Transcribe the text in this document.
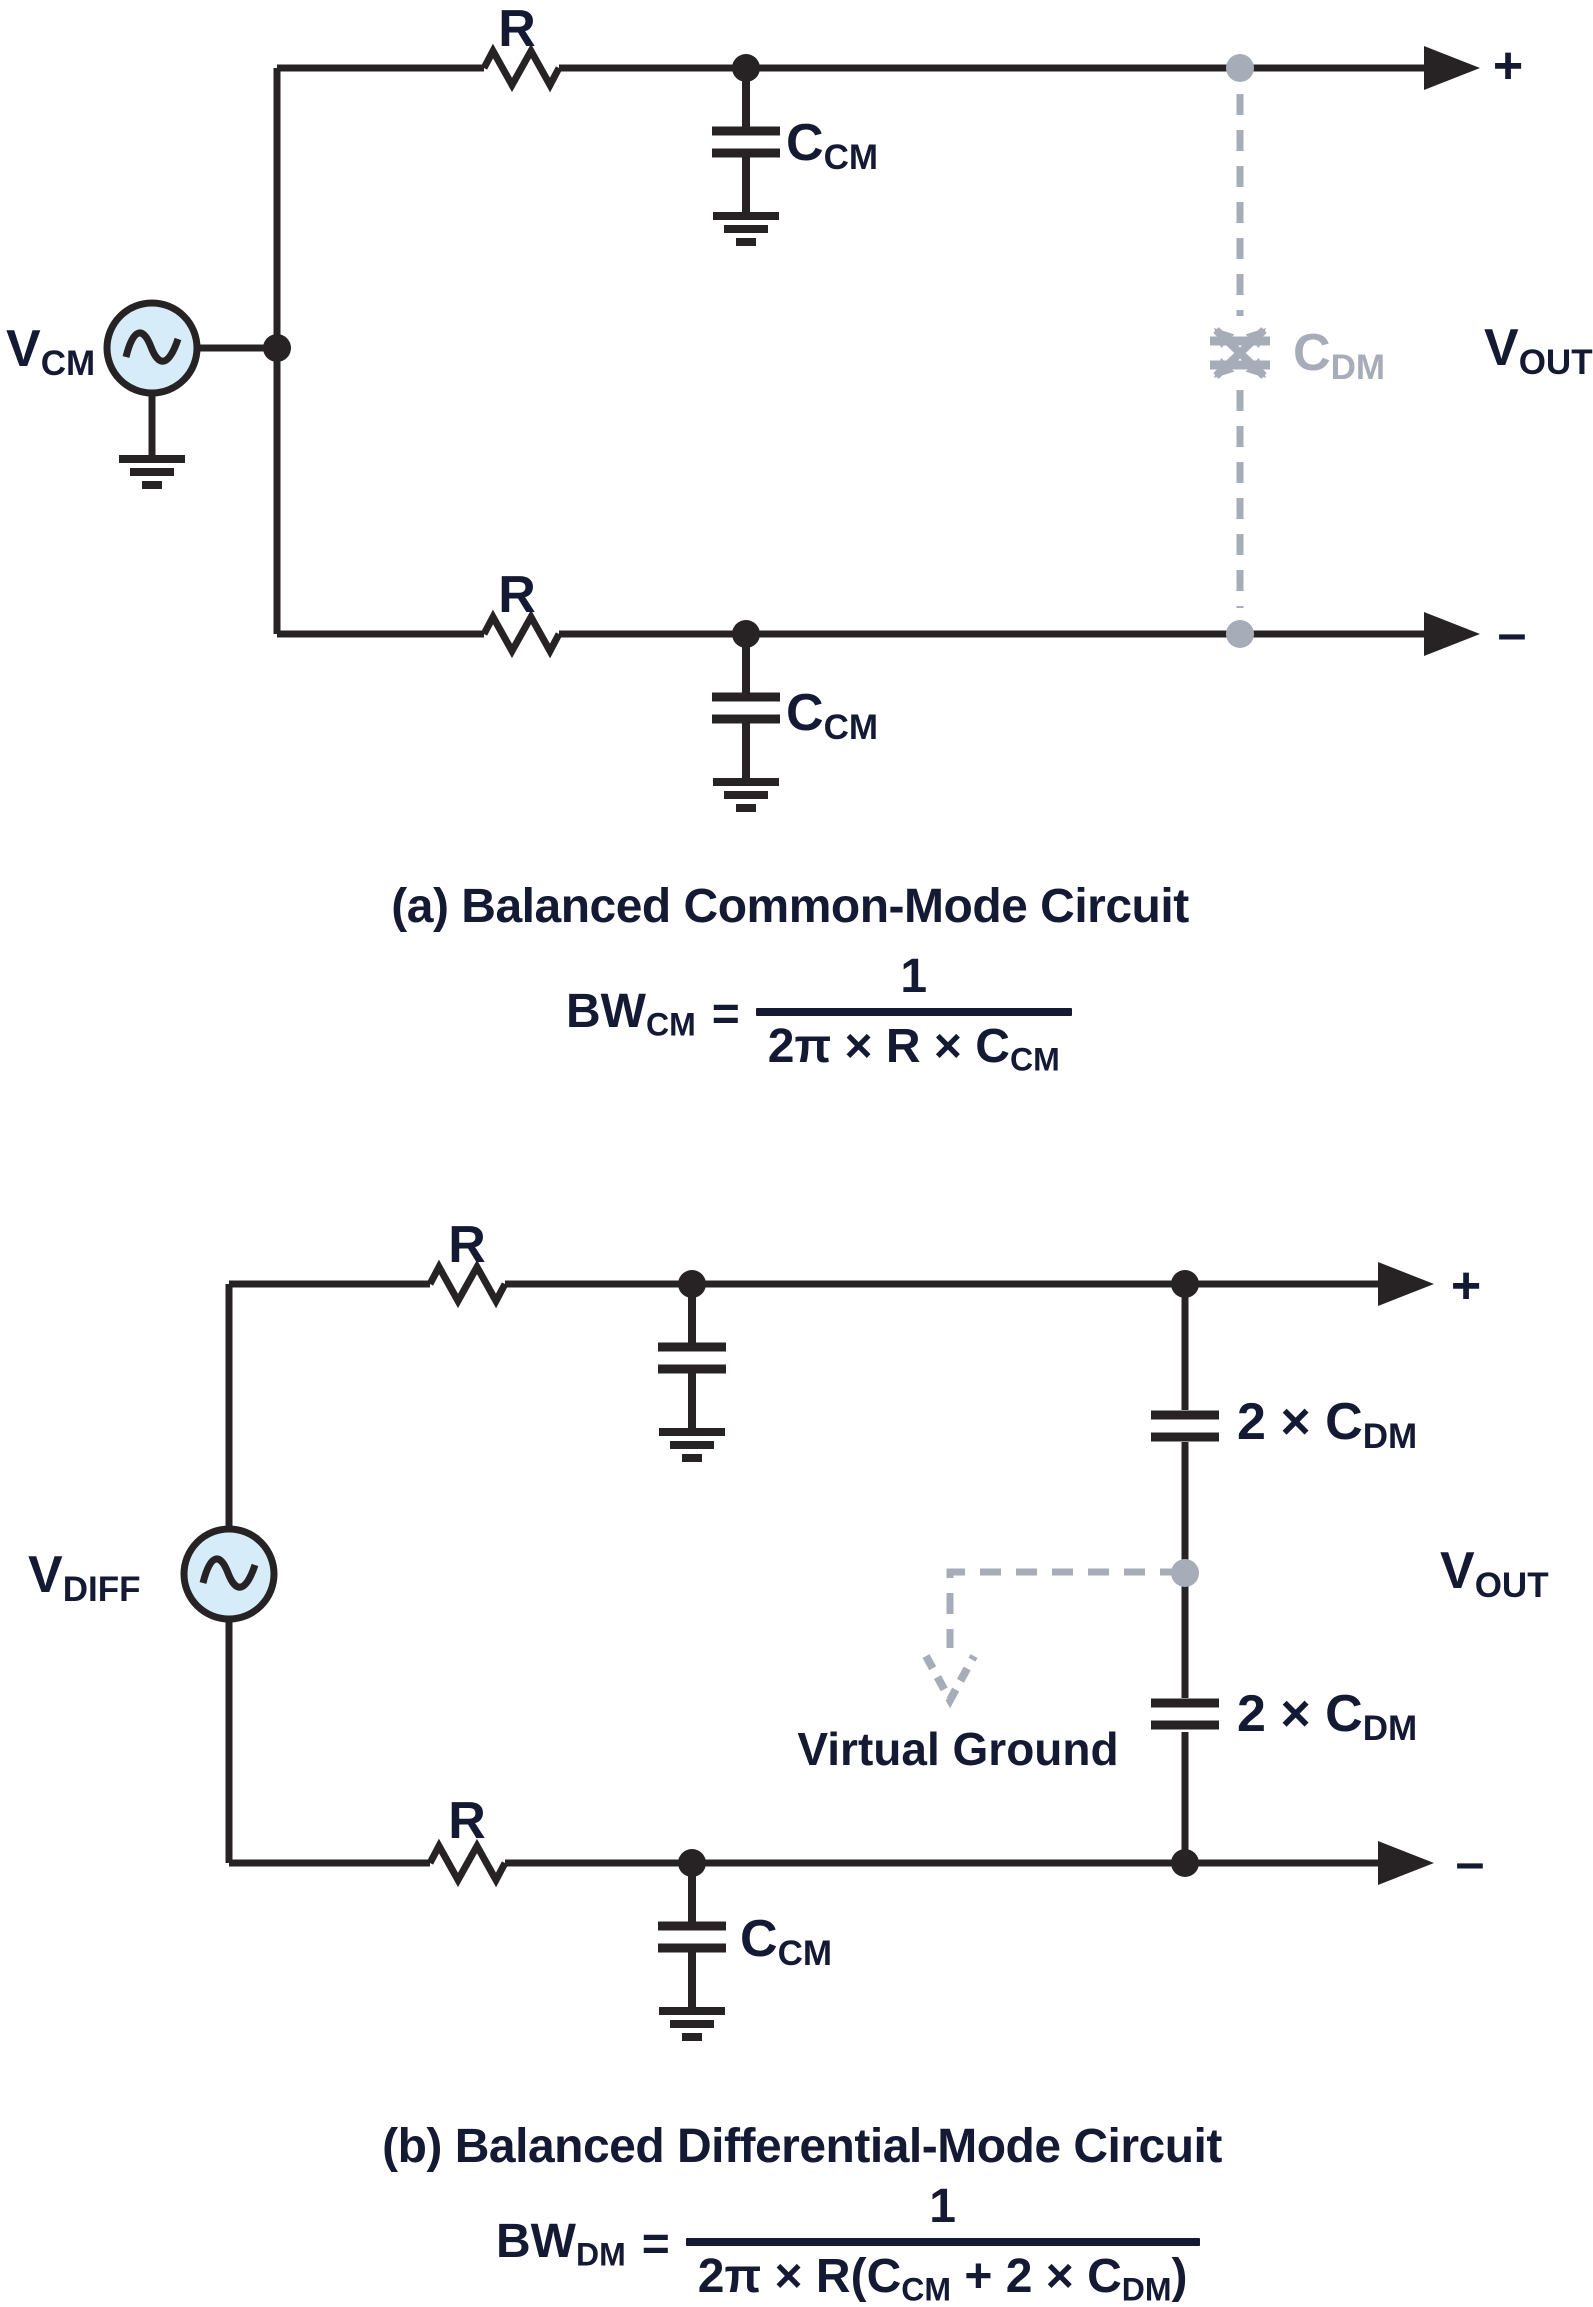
R
$C_{CM}$
$V_{CM}$	$C_{DM}$ $V_{OUT}$
+
–
R
$C_{CM}$
(a) Balanced Common-Mode Circuit
$BW_{CM}$ =
1
$2\pi \times R \times C_{CM}$
R
$V_{DIFF}$
$2 \times C_{DM}$
$2 \times C_{DM}$
Virtual Ground
$V_{OUT}$
+
–
R
$C_{CM}$
(b) Balanced Differential-Mode Circuit
$BW_{DM}$ =
1
$2\pi \times R(C_{CM} + 2 \times C_{DM})$
